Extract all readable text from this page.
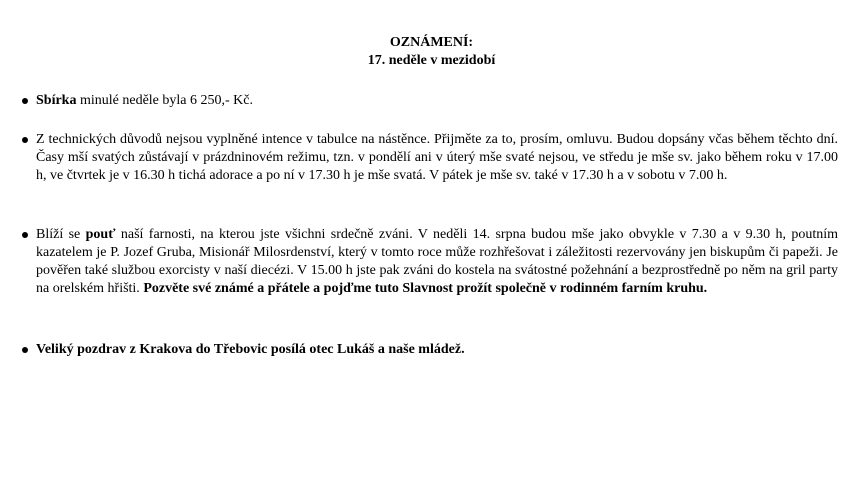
OZNÁMENÍ:
17. neděle v mezidobí
Sbírka minulé neděle byla 6 250,- Kč.
Z technických důvodů nejsou vyplněné intence v tabulce na nástěnce. Přijměte za to, prosím, omluvu. Budou dopsány včas během těchto dní. Časy mší svatých zůstávají v prázdninovém režimu, tzn. v pondělí ani v úterý mše svaté nejsou, ve středu je mše sv. jako během roku v 17.00 h, ve čtvrtek je v 16.30 h tichá adorace a po ní v 17.30 h je mše svatá. V pátek je mše sv. také v 17.30 h a v sobotu v 7.00 h.
Blíží se pouť naší farnosti, na kterou jste všichni srdečně zváni. V neděli 14. srpna budou mše jako obvykle v 7.30 a v 9.30 h, poutním kazatelem je P. Jozef Gruba, Misionář Milosrdenství, který v tomto roce může rozhřešovat i záležitosti rezervovány jen biskupům či papeži. Je pověřen také službou exorcisty v naší diecézi. V 15.00 h jste pak zváni do kostela na svátostné požehnání a bezprostředně po něm na gril party na orelském hřišti. Pozvěte své známé a přátele a pojďme tuto Slavnost prožít společně v rodinném farním kruhu.
Veliký pozdrav z Krakova do Třebovic posílá otec Lukáš a naše mládež.
